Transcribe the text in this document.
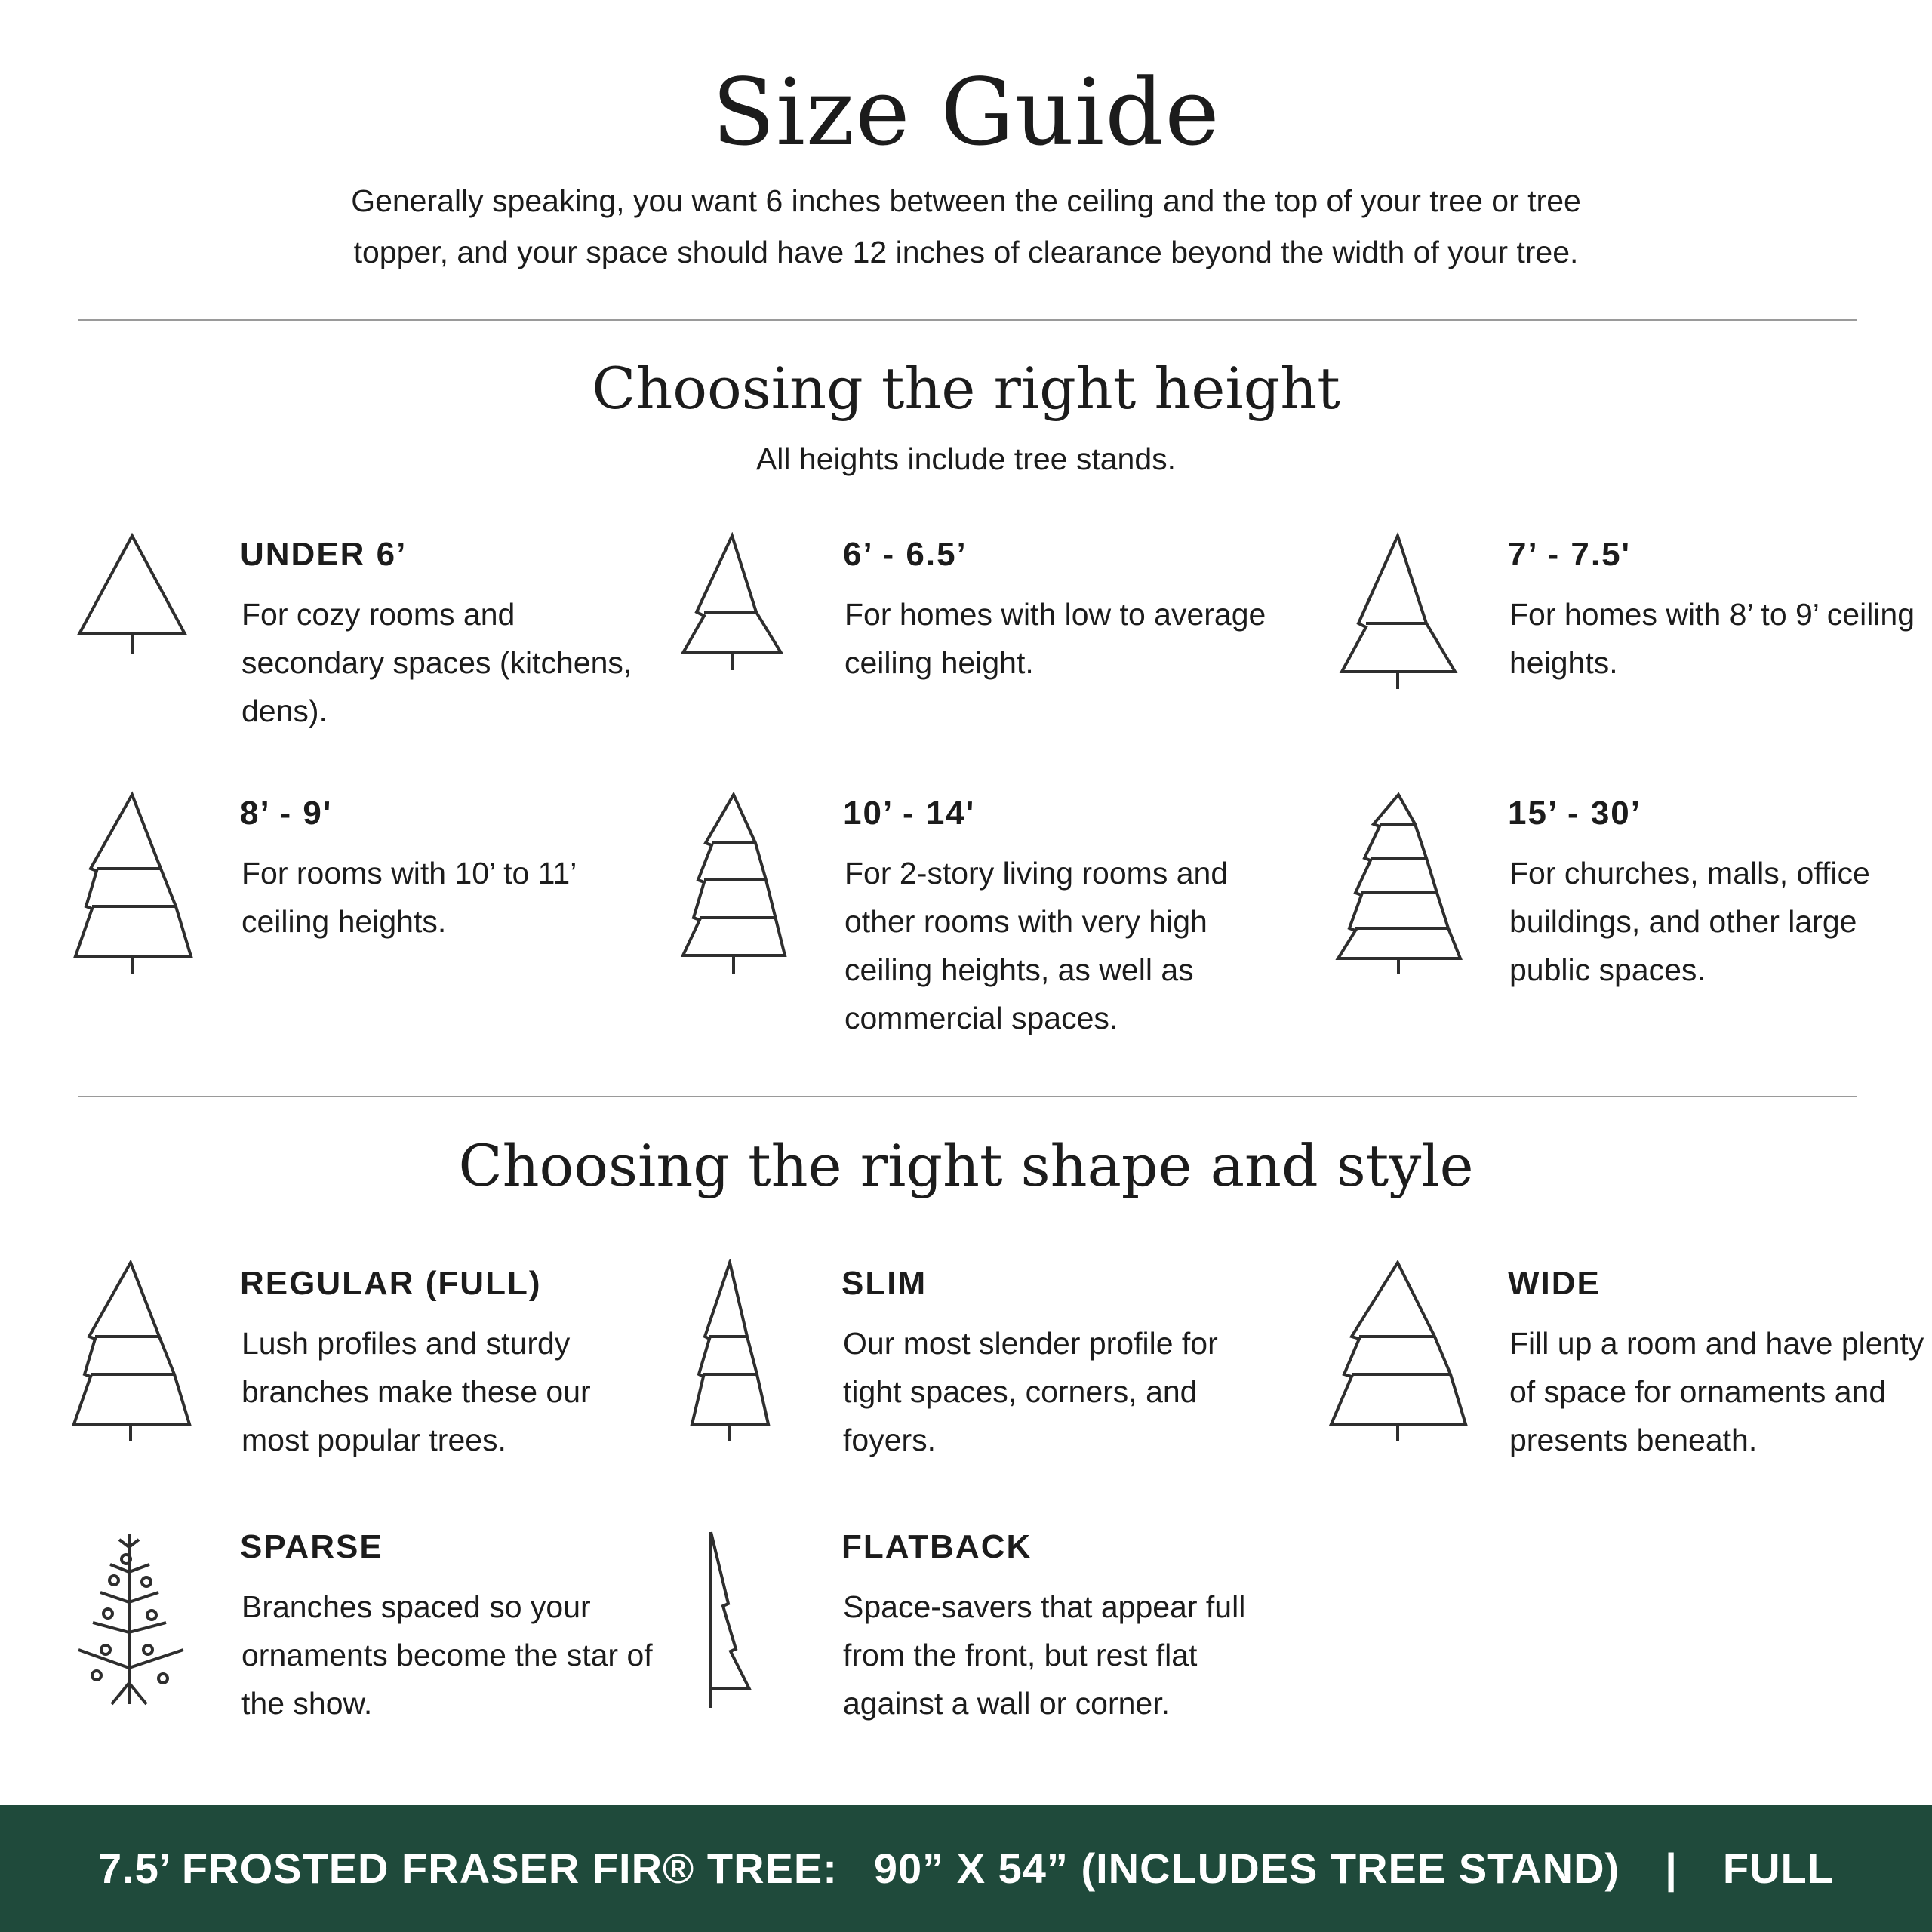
Size Guide
Generally speaking, you want 6 inches between the ceiling and the top of your tree or tree
topper, and your space should have 12 inches of clearance beyond the width of your tree.
Choosing the right height
All heights include tree stands.
UNDER 6’
For cozy rooms and secondary spaces (kitchens, dens).
6’ - 6.5’
For homes with low to average ceiling height.
7’ - 7.5'
For homes with 8’ to 9’ ceiling heights.
8’ - 9'
For rooms with 10’ to 11’ ceiling heights.
10’ - 14'
For 2-story living rooms and other rooms with very high ceiling heights, as well as commercial spaces.
15’ - 30’
For churches, malls, office buildings, and other large public spaces.
Choosing the right shape and style
REGULAR (FULL)
Lush profiles and sturdy branches make these our most popular trees.
SLIM
Our most slender profile for tight spaces, corners, and foyers.
WIDE
Fill up a room and have plenty of space for ornaments and presents beneath.
SPARSE
Branches spaced so your ornaments become the star of the show.
FLATBACK
Space-savers that appear full from the front, but rest flat against a wall or corner.
7.5’ FROSTED FRASER FIR® TREE: 90” X 54” (INCLUDES TREE STAND) | FULL
